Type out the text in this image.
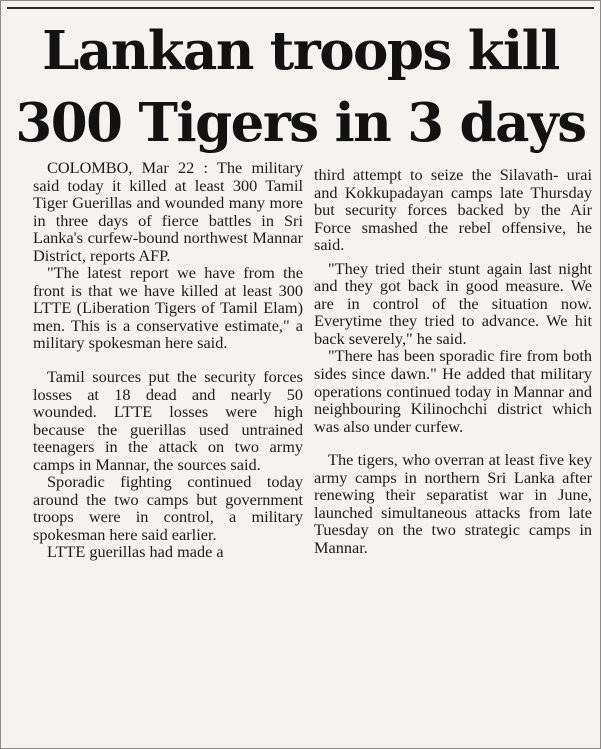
Lankan troops kill
300 Tigers in 3 days

COLOMBO, Mar 22 : The military said today it killed at least 300 Tamil Tiger Guerillas and wounded many more in three days of fierce battles in Sri Lanka's curfew-bound northwest Mannar District, reports AFP.

"The latest report we have from the front is that we have killed at least 300 LTTE (Liberation Tigers of Tamil Elam) men. This is a conservative estimate," a military spokesman here said.

Tamil sources put the security forces losses at 18 dead and nearly 50 wounded. LTTE losses were high because the guerillas used untrained teenagers in the attack on two army camps in Mannar, the sources said.

Sporadic fighting continued today around the two camps but government troops were in control, a military spokesman here said earlier.

LTTE guerillas had made a

third attempt to seize the Silavath- urai and Kokkupadayan camps late Thursday but security forces backed by the Air Force smashed the rebel offensive, he said.

"They tried their stunt again last night and they got back in good measure. We are in control of the situation now. Everytime they tried to advance. We hit back severely," he said.

"There has been sporadic fire from both sides since dawn." He added that military operations continued today in Mannar and neighbouring Kilinochchi district which was also under curfew.

The tigers, who overran at least five key army camps in northern Sri Lanka after renewing their separatist war in June, launched simultaneous attacks from late Tuesday on the two strategic camps in Mannar.
